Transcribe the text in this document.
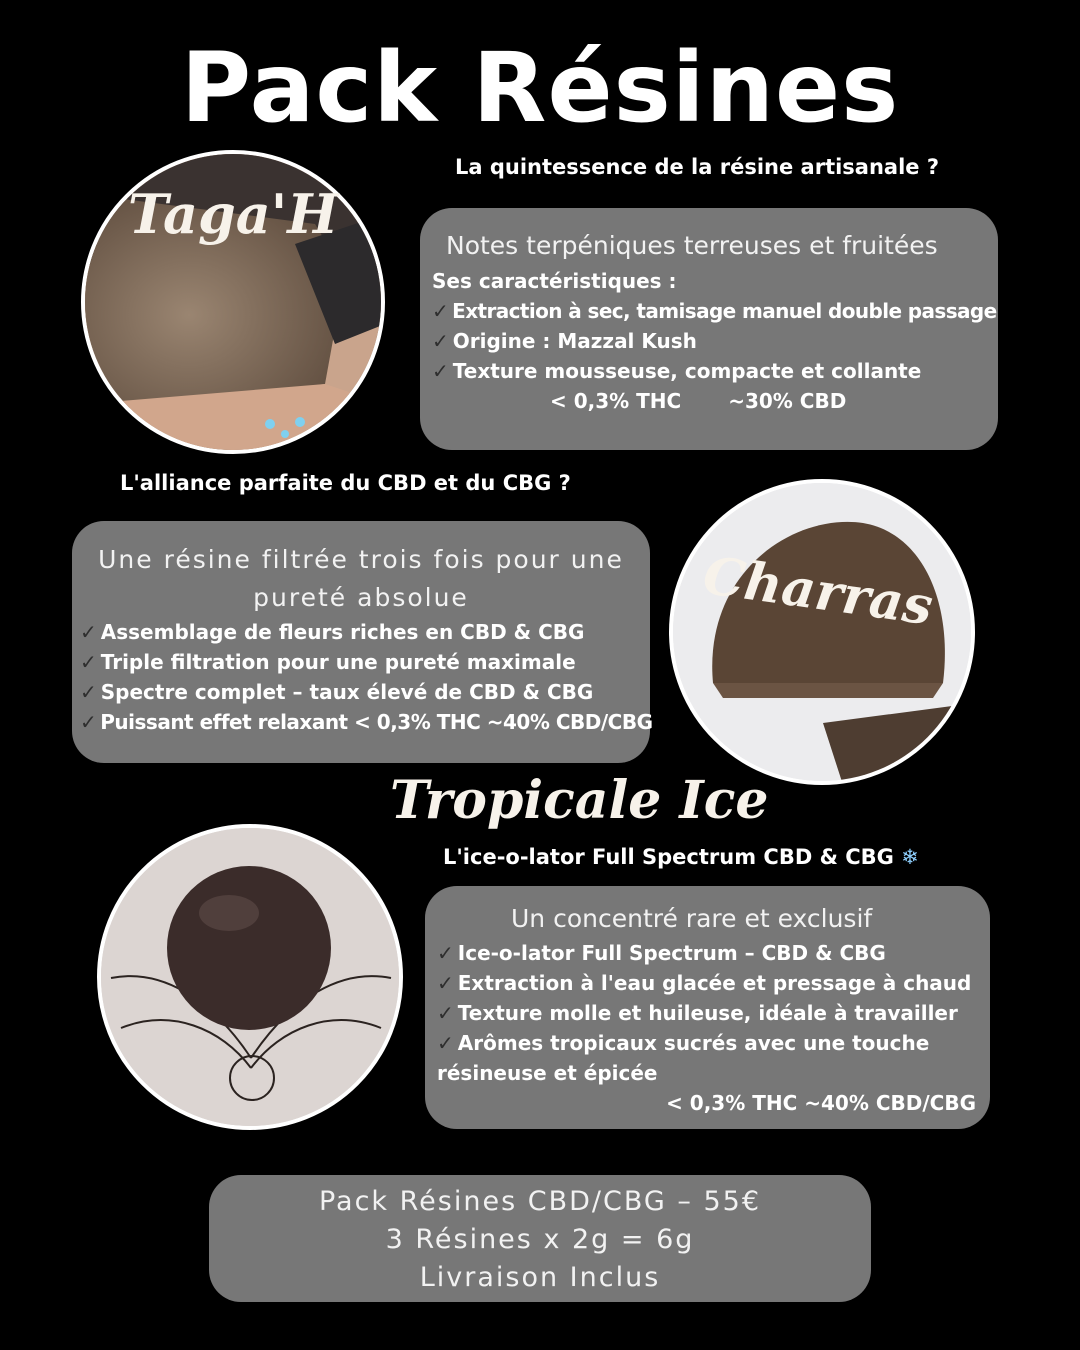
Pack Résines
Taga'H
La quintessence de la résine artisanale ?
Notes terpéniques terreuses et fruitées
Ses caractéristiques :
✓ Extraction à sec, tamisage manuel double passage
✓ Origine : Mazzal Kush
✓ Texture mousseuse, compacte et collante
< 0,3% THC ~30% CBD
L'alliance parfaite du CBD et du CBG ?
Une résine filtrée trois fois pour une
pureté absolue
✓ Assemblage de fleurs riches en CBD & CBG
✓ Triple filtration pour une pureté maximale
✓ Spectre complet – taux élevé de CBD & CBG
✓ Puissant effet relaxant < 0,3% THC ~40% CBD/CBG
Charras
Tropicale Ice
L'ice-o-lator Full Spectrum CBD & CBG ❄
Un concentré rare et exclusif
✓ Ice-o-lator Full Spectrum – CBD & CBG
✓ Extraction à l'eau glacée et pressage à chaud
✓ Texture molle et huileuse, idéale à travailler
✓ Arômes tropicaux sucrés avec une touche
résineuse et épicée
< 0,3% THC ~40% CBD/CBG
Pack Résines CBD/CBG – 55€
3 Résines x 2g = 6g
Livraison Inclus
